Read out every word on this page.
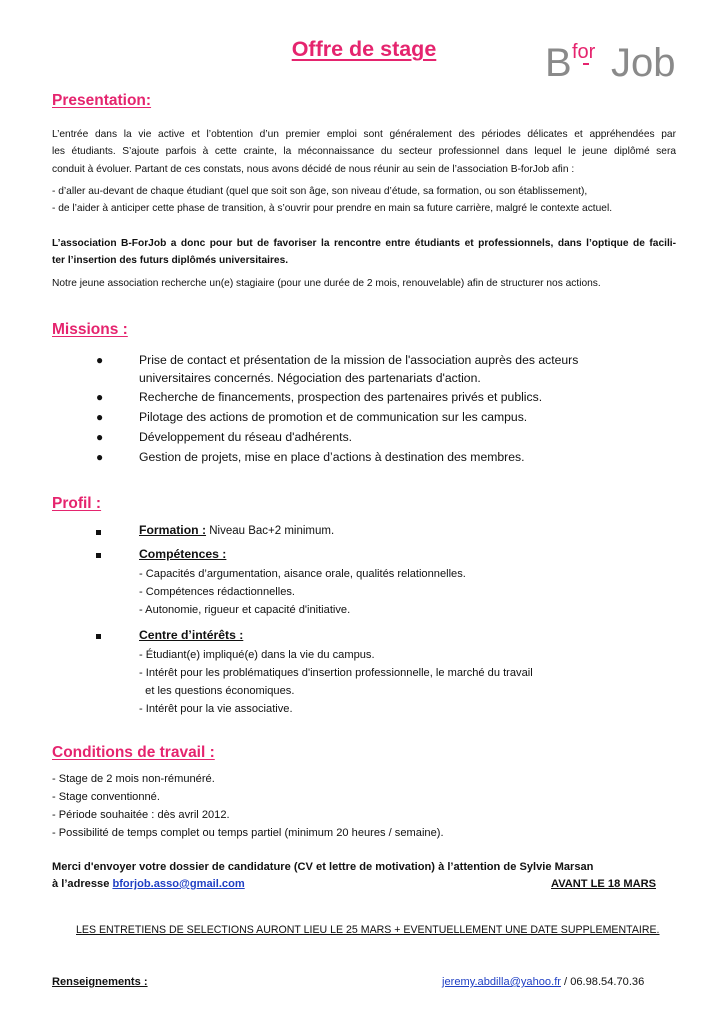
Offre de stage	B for Job
Presentation:
L’entrée dans la vie active et l’obtention d’un premier emploi sont généralement des périodes délicates et appréhendées par
les étudiants. S’ajoute parfois à cette crainte, la méconnaissance du secteur professionnel dans lequel le jeune diplômé sera
conduit à évoluer. Partant de ces constats, nous avons décidé de nous réunir au sein de l’association B-forJob afin :
- d’aller au-devant de chaque étudiant (quel que soit son âge, son niveau d’étude, sa formation, ou son établissement),
- de l’aider à anticiper cette phase de transition, à s’ouvrir pour prendre en main sa future carrière, malgré le contexte actuel.
L’association B-ForJob a donc pour but de favoriser la rencontre entre étudiants et professionnels, dans l’optique de facili-
ter l’insertion des futurs diplômés universitaires.
Notre jeune association recherche un(e) stagiaire (pour une durée de 2 mois, renouvelable) afin de structurer nos actions.
Missions :
●	Prise de contact et présentation de la mission de l'association auprès des acteurs
universitaires concernés. Négociation des partenariats d'action.
●	Recherche de financements, prospection des partenaires privés et publics.
●	Pilotage des actions de promotion et de communication sur les campus.
●	Développement du réseau d'adhérents.
●	Gestion de projets, mise en place d’actions à destination des membres.
Profil :
Formation : Niveau Bac+2 minimum.
Compétences :
- Capacités d’argumentation, aisance orale, qualités relationnelles.
- Compétences rédactionnelles.
- Autonomie, rigueur et capacité d'initiative.
Centre d’intérêts :
- Étudiant(e) impliqué(e) dans la vie du campus.
- Intérêt pour les problématiques d'insertion professionnelle, le marché du travail
et les questions économiques.
- Intérêt pour la vie associative.
Conditions de travail :
- Stage de 2 mois non-rémunéré.
- Stage conventionné.
- Période souhaitée : dès avril 2012.
- Possibilité de temps complet ou temps partiel (minimum 20 heures / semaine).
Merci d'envoyer votre dossier de candidature (CV et lettre de motivation) à l’attention de Sylvie Marsan
à l’adresse bforjob.asso@gmail.com	AVANT LE 18 MARS
LES ENTRETIENS DE SELECTIONS AURONT LIEU LE 25 MARS + EVENTUELLEMENT UNE DATE SUPPLEMENTAIRE.
Renseignements :	jeremy.abdilla@yahoo.fr / 06.98.54.70.36
